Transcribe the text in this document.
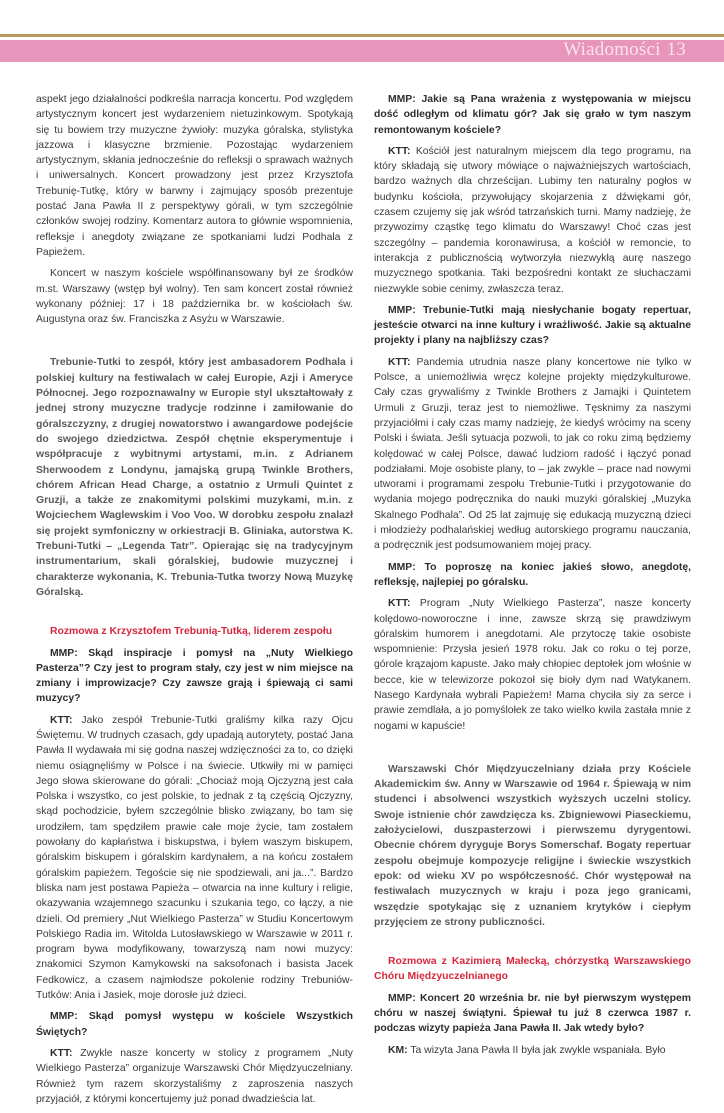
Wiadomości 13

aspekt jego działalności podkreśla narracja koncertu. Pod względem artystycznym koncert jest wydarzeniem nietuzinkowym. Spotykają się tu bowiem trzy muzyczne żywioły: muzyka góralska, stylistyka jazzowa i klasyczne brzmienie. Pozostając wydarzeniem artystycznym, skłania jednocześnie do refleksji o sprawach ważnych i uniwersalnych. Koncert prowadzony jest przez Krzysztofa Trebunię-Tutkę, który w barwny i zajmujący sposób prezentuje postać Jana Pawła II z perspektywy górali, w tym szczególnie członków swojej rodziny. Komentarz autora to głównie wspomnienia, refleksje i anegdoty związane ze spotkaniami ludzi Podhala z Papieżem.

Koncert w naszym kościele współfinansowany był ze środków m.st. Warszawy (wstęp był wolny). Ten sam koncert został również wykonany później: 17 i 18 października br. w kościołach św. Augustyna oraz św. Franciszka z Asyżu w Warszawie.

Trebunie-Tutki to zespół, który jest ambasadorem Podhala i polskiej kultury na festiwalach w całej Europie, Azji i Ameryce Północnej. Jego rozpoznawalny w Europie styl ukształtowały z jednej strony muzyczne tradycje rodzinne i zamiłowanie do góralszczyzny, z drugiej nowatorstwo i awangardowe podejście do swojego dziedzictwa. Zespół chętnie eksperymentuje i współpracuje z wybitnymi artystami, m.in. z Adrianem Sherwoodem z Londynu, jamajską grupą Twinkle Brothers, chórem African Head Charge, a ostatnio z Urmuli Quintet z Gruzji, a także ze znakomitymi polskimi muzykami, m.in. z Wojciechem Waglewskim i Voo Voo. W dorobku zespołu znalazł się projekt symfoniczny w orkiestracji B. Gliniaka, autorstwa K. Trebuni-Tutki – „Legenda Tatr”. Opierając się na tradycyjnym instrumentarium, skali góralskiej, budowie muzycznej i charakterze wykonania, K. Trebunia-Tutka tworzy Nową Muzykę Góralską.

Rozmowa z Krzysztofem Trebunią-Tutką, liderem zespołu

MMP: Skąd inspiracje i pomysł na „Nuty Wielkiego Pasterza”? Czy jest to program stały, czy jest w nim miejsce na zmiany i improwizacje? Czy zawsze grają i śpiewają ci sami muzycy?

KTT: Jako zespół Trebunie-Tutki graliśmy kilka razy Ojcu Świętemu. W trudnych czasach, gdy upadają autorytety, postać Jana Pawła II wydawała mi się godna naszej wdzięczności za to, co dzięki niemu osiągnęliśmy w Polsce i na świecie. Utkwiły mi w pamięci Jego słowa skierowane do górali: „Chociaż moją Ojczyzną jest cała Polska i wszystko, co jest polskie, to jednak z tą częścią Ojczyzny, skąd pochodzicie, byłem szczególnie blisko związany, bo tam się urodziłem, tam spędziłem prawie całe moje życie, tam zostałem powołany do kapłaństwa i biskupstwa, i byłem waszym biskupem, góralskim biskupem i góralskim kardynałem, a na końcu zostałem góralskim papieżem. Tegoście się nie spodziewali, ani ja...”. Bardzo bliska nam jest postawa Papieża – otwarcia na inne kultury i religie, okazywania wzajemnego szacunku i szukania tego, co łączy, a nie dzieli. Od premiery „Nut Wielkiego Pasterza” w Studiu Koncertowym Polskiego Radia im. Witolda Lutosławskiego w Warszawie w 2011 r. program bywa modyfikowany, towarzyszą nam nowi muzycy: znakomici Szymon Kamykowski na saksofonach i basista Jacek Fedkowicz, a czasem najmłodsze pokolenie rodziny Trebuniów-Tutków: Ania i Jasiek, moje dorosłe już dzieci.

MMP: Skąd pomysł występu w kościele Wszystkich Świętych?

KTT: Zwykle nasze koncerty w stolicy z programem „Nuty Wielkiego Pasterza” organizuje Warszawski Chór Międzyuczelniany. Również tym razem skorzystaliśmy z zaproszenia naszych przyjaciół, z którymi koncertujemy już ponad dwadzieścia lat.

MMP: Jakie są Pana wrażenia z występowania w miejscu dość odległym od klimatu gór? Jak się grało w tym naszym remontowanym kościele?

KTT: Kościół jest naturalnym miejscem dla tego programu, na który składają się utwory mówiące o najważniejszych wartościach, bardzo ważnych dla chrześcijan. Lubimy ten naturalny pogłos w budynku kościoła, przywołujący skojarzenia z dźwiękami gór, czasem czujemy się jak wśród tatrzańskich turni. Mamy nadzieję, że przywozimy cząstkę tego klimatu do Warszawy! Choć czas jest szczególny – pandemia koronawirusa, a kościół w remoncie, to interakcja z publicznością wytworzyła niezwykłą aurę naszego muzycznego spotkania. Taki bezpośredni kontakt ze słuchaczami niezwykle sobie cenimy, zwłaszcza teraz.

MMP: Trebunie-Tutki mają niesłychanie bogaty repertuar, jesteście otwarci na inne kultury i wrażliwość. Jakie są aktualne projekty i plany na najbliższy czas?

KTT: Pandemia utrudnia nasze plany koncertowe nie tylko w Polsce, a uniemożliwia wręcz kolejne projekty międzykulturowe. Cały czas grywaliśmy z Twinkle Brothers z Jamajki i Quintetem Urmuli z Gruzji, teraz jest to niemożliwe. Tęsknimy za naszymi przyjaciółmi i cały czas mamy nadzieję, że kiedyś wrócimy na sceny Polski i świata. Jeśli sytuacja pozwoli, to jak co roku zimą będziemy kolędować w całej Polsce, dawać ludziom radość i łączyć ponad podziałami. Moje osobiste plany, to – jak zwykle – prace nad nowymi utworami i programami zespołu Trebunie-Tutki i przygotowanie do wydania mojego podręcznika do nauki muzyki góralskiej „Muzyka Skalnego Podhala”. Od 25 lat zajmuję się edukacją muzyczną dzieci i młodzieży podhalańskiej według autorskiego programu nauczania, a podręcznik jest podsumowaniem mojej pracy.

MMP: To poproszę na koniec jakieś słowo, anegdotę, refleksję, najlepiej po góralsku.

KTT: Program „Nuty Wielkiego Pasterza”, nasze koncerty kolędowo-noworoczne i inne, zawsze skrzą się prawdziwym góralskim humorem i anegdotami. Ale przytoczę takie osobiste wspomnienie: Przysła jesień 1978 roku. Jak co roku o tej porze, górole krązajom kapuste. Jako mały chłopiec deptołek jom włośnie w becce, kie w telewizorze pokozoł się bioły dym nad Watykanem. Nasego Kardynała wybrali Papieżem! Mama chyciła siy za serce i prawie zemdlała, a jo pomyślołek ze tako wielko kwila zastała mnie z nogami w kapuście!

Warszawski Chór Międzyuczelniany działa przy Kościele Akademickim św. Anny w Warszawie od 1964 r. Śpiewają w nim studenci i absolwenci wszystkich wyższych uczelni stolicy. Swoje istnienie chór zawdzięcza ks. Zbigniewowi Piaseckiemu, założycielowi, duszpasterzowi i pierwszemu dyrygentowi. Obecnie chórem dyryguje Borys Somerschaf. Bogaty repertuar zespołu obejmuje kompozycje religijne i świeckie wszystkich epok: od wieku XV po współczesność. Chór występował na festiwalach muzycznych w kraju i poza jego granicami, wszędzie spotykając się z uznaniem krytyków i ciepłym przyjęciem ze strony publiczności.

Rozmowa z Kazimierą Małecką, chórzystką Warszawskiego Chóru Międzyuczelnianego

MMP: Koncert 20 września br. nie był pierwszym występem chóru w naszej świątyni. Śpiewał tu już 8 czerwca 1987 r. podczas wizyty papieża Jana Pawła II. Jak wtedy było?

KM: Ta wizyta Jana Pawła II była jak zwykle wspaniała. Było
